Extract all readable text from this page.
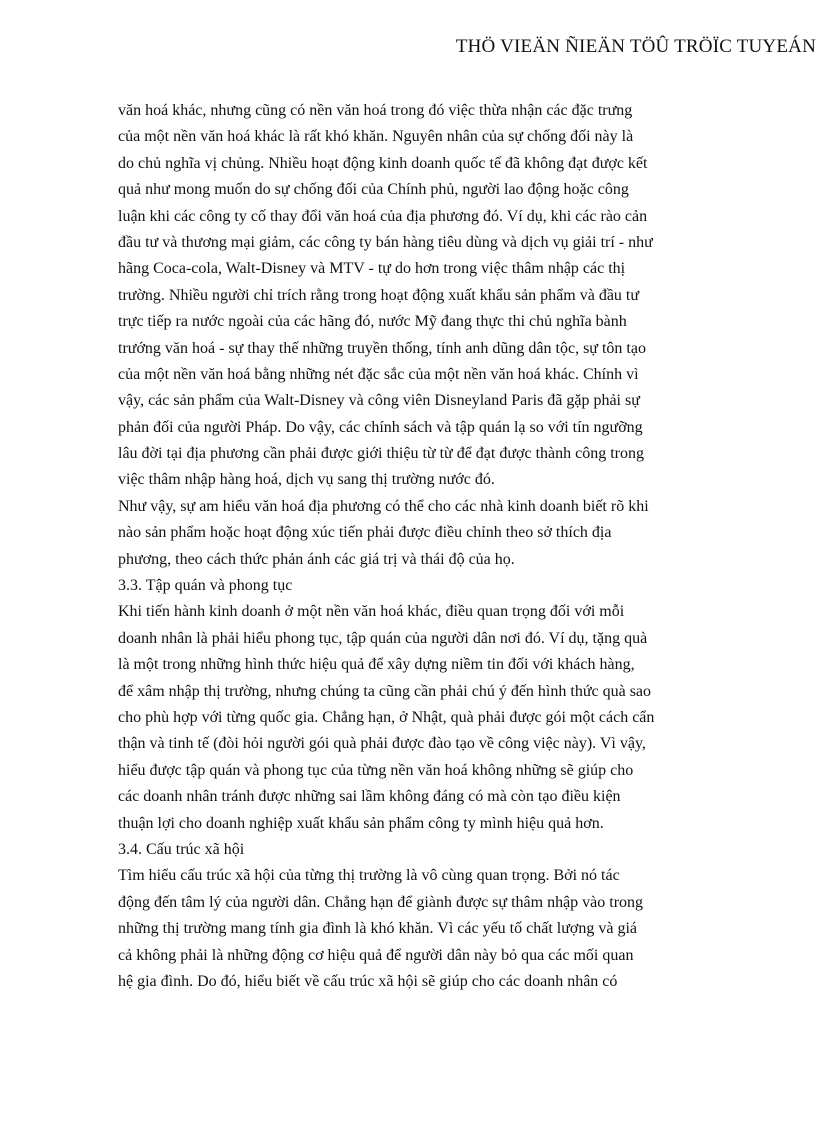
THÖ VIEÄN ÑIEÄN TÖÛ TRÖÏC TUYEÁN
văn hoá khác, nhưng cũng có nền văn hoá trong đó việc thừa nhận các đặc trưng
của một nền văn hoá khác là rất khó khăn. Nguyên nhân của sự chống đối này là
do chủ nghĩa vị chủng. Nhiều hoạt động kinh doanh quốc tế đã không đạt được kết
quả như mong muốn do sự chống đối của Chính phủ, người lao động hoặc công
luận khi các công ty cố thay đổi văn hoá của địa phương đó. Ví dụ, khi các rào cản
đầu tư và thương mại giảm, các công ty bán hàng tiêu dùng và dịch vụ giải trí - như
hãng Coca-cola, Walt-Disney và MTV - tự do hơn trong việc thâm nhập các thị
trường. Nhiều người chỉ trích rằng trong hoạt động xuất khẩu sản phẩm và đầu tư
trực tiếp ra nước ngoài của các hãng đó, nước Mỹ đang thực thi chủ nghĩa bành
trướng văn hoá - sự thay thế những truyền thống, tính anh dũng dân tộc, sự tôn tạo
của một nền văn hoá bằng những nét đặc sắc của một nền văn hoá khác. Chính vì
vậy, các sản phẩm của Walt-Disney và công viên Disneyland Paris đã gặp phải sự
phản đối của người Pháp. Do vậy, các chính sách và tập quán lạ so với tín ngưỡng
lâu đời tại địa phương cần phải được giới thiệu từ từ để đạt được thành công trong
việc thâm nhập hàng hoá, dịch vụ sang thị trường nước đó.
Như vậy, sự am hiểu văn hoá địa phương có thể cho các nhà kinh doanh biết rõ khi
nào sản phẩm hoặc hoạt động xúc tiến phải được điều chỉnh theo sở thích địa
phương, theo cách thức phản ánh các giá trị và thái độ của họ.
3.3. Tập quán và phong tục
Khi tiến hành kinh doanh ở một nền văn hoá khác, điều quan trọng đối với mỗi
doanh nhân là phải hiểu phong tục, tập quán của người dân nơi đó. Ví dụ, tặng quà
là một trong những hình thức hiệu quả để xây dựng niềm tin đối với khách hàng,
để xâm nhập thị trường, nhưng chúng ta cũng cần phải chú ý đến hình thức quà sao
cho phù hợp với từng quốc gia. Chẳng hạn, ở Nhật, quà phải được gói một cách cẩn
thận và tinh tế (đòi hỏi người gói quà phải được đào tạo về công việc này). Vì vậy,
hiểu được tập quán và phong tục của từng nền văn hoá không những sẽ giúp cho
các doanh nhân tránh được những sai lầm không đáng có mà còn tạo điều kiện
thuận lợi cho doanh nghiệp xuất khẩu sản phẩm công ty mình hiệu quả hơn.
3.4. Cấu trúc xã hội
Tìm hiểu cấu trúc xã hội của từng thị trường là vô cùng quan trọng. Bởi nó tác
động đến tâm lý của người dân. Chẳng hạn để giành được sự thâm nhập vào trong
những thị trường mang tính gia đình là khó khăn. Vì các yếu tố chất lượng và giá
cả không phải là những động cơ hiệu quả để người dân này bỏ qua các mối quan
hệ gia đình. Do đó, hiểu biết về cấu trúc xã hội sẽ giúp cho các doanh nhân có
